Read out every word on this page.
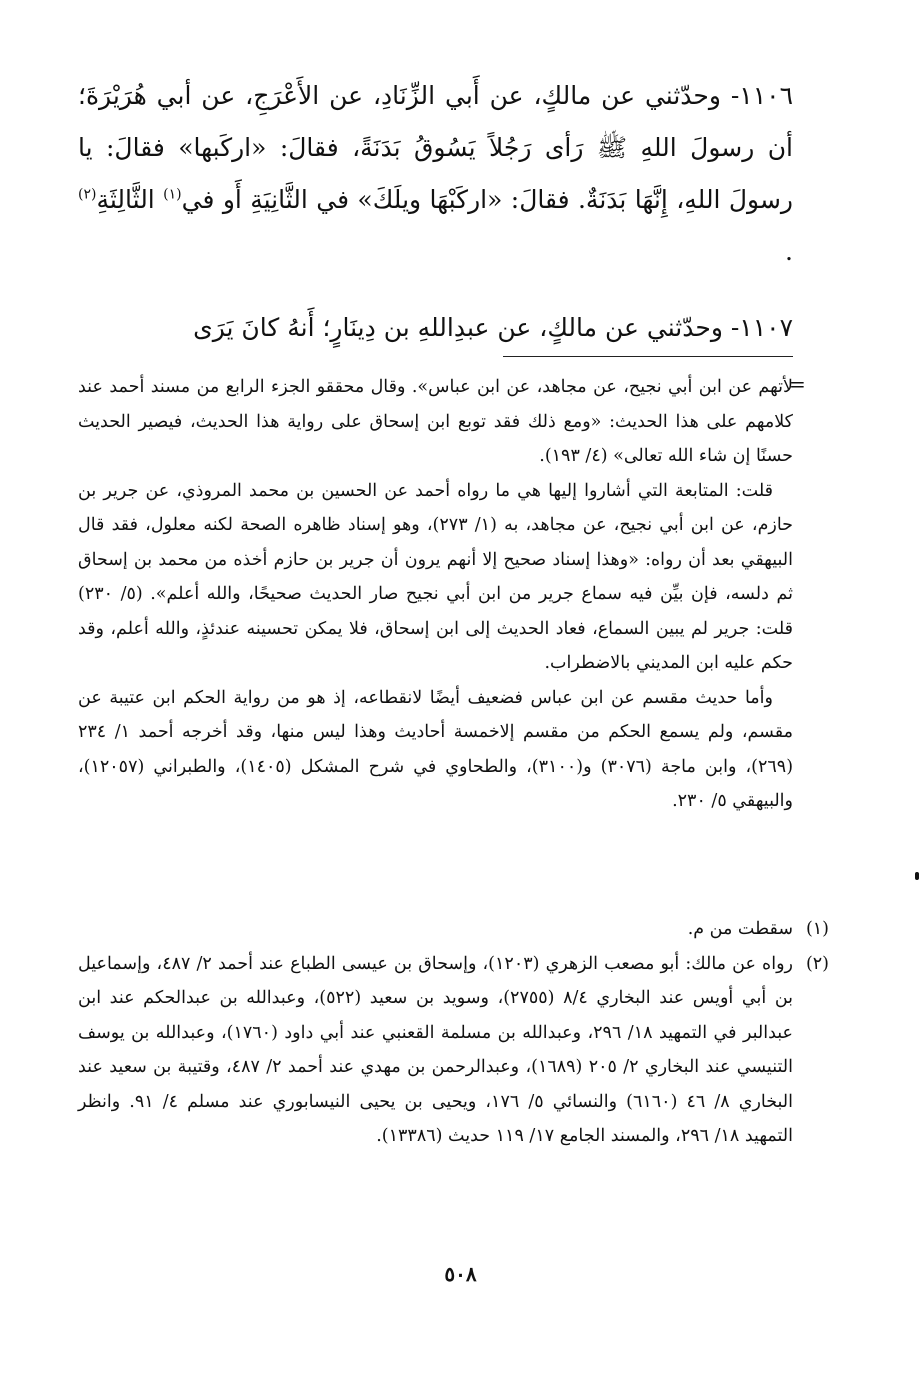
١١٠٦- وحدّثني عن مالكٍ، عن أَبي الزِّنَادِ، عن الأَعْرَجِ، عن أبي هُرَيْرَةَ؛ أن رسولَ اللهِ ﷺ رَأى رَجُلاً يَسُوقُ بَدَنَةً، فقالَ: «اركَبها» فقالَ: يا رسولَ اللهِ، إِنَّهَا بَدَنَةٌ. فقالَ: «اركَبْهَا ويلَكَ» في الثَّانِيَةِ أَو في$^{(١)}$ الثَّالِثَةِ$^{(٢)}$ .

١١٠٧- وحدّثني عن مالكٍ، عن عبدِاللهِ بن دِينَارٍ؛ أَنهُ كانَ يَرَى

=

لأتهم عن ابن أبي نجيح، عن مجاهد، عن ابن عباس». وقال محققو الجزء الرابع من مسند أحمد عند كلامهم على هذا الحديث: «ومع ذلك فقد توبع ابن إسحاق على رواية هذا الحديث، فيصير الحديث حسنًا إن شاء الله تعالى» (٤/ ١٩٣).

قلت: المتابعة التي أشاروا إليها هي ما رواه أحمد عن الحسين بن محمد المروذي، عن جرير بن حازم، عن ابن أبي نجيح، عن مجاهد، به (١/ ٢٧٣)، وهو إسناد ظاهره الصحة لكنه معلول، فقد قال البيهقي بعد أن رواه: «وهذا إسناد صحيح إلا أنهم يرون أن جرير بن حازم أخذه من محمد بن إسحاق ثم دلسه، فإن بيِّن فيه سماع جرير من ابن أبي نجيح صار الحديث صحيحًا، والله أعلم». (٥/ ٢٣٠) قلت: جرير لم يبين السماع، فعاد الحديث إلى ابن إسحاق، فلا يمكن تحسينه عندئذٍ، والله أعلم، وقد حكم عليه ابن المديني بالاضطراب.

وأما حديث مقسم عن ابن عباس فضعيف أيضًا لانقطاعه، إذ هو من رواية الحكم ابن عتيبة عن مقسم، ولم يسمع الحكم من مقسم إلاخمسة أحاديث وهذا ليس منها، وقد أخرجه أحمد ١/ ٢٣٤ (٢٦٩)، وابن ماجة (٣٠٧٦) و(٣١٠٠)، والطحاوي في شرح المشكل (١٤٠٥)، والطبراني (١٢٠٥٧)، والبيهقي ٥/ ٢٣٠.

(١)
سقطت من م.
(٢)
رواه عن مالك: أبو مصعب الزهري (١٢٠٣)، وإسحاق بن عيسى الطباع عند أحمد ٢/ ٤٨٧، وإسماعيل بن أبي أويس عند البخاري ٨/٤ (٢٧٥٥)، وسويد بن سعيد (٥٢٢)، وعبدالله بن عبدالحكم عند ابن عبدالبر في التمهيد ١٨/ ٢٩٦، وعبدالله بن مسلمة القعنبي عند أبي داود (١٧٦٠)، وعبدالله بن يوسف التنيسي عند البخاري ٢/ ٢٠٥ (١٦٨٩)، وعبدالرحمن بن مهدي عند أحمد ٢/ ٤٨٧، وقتيبة بن سعيد عند البخاري ٨/ ٤٦ (٦١٦٠) والنسائي ٥/ ١٧٦، ويحيى بن يحيى النيسابوري عند مسلم ٤/ ٩١. وانظر التمهيد ١٨/ ٢٩٦، والمسند الجامع ١٧/ ١١٩ حديث (١٣٣٨٦).
٥٠٨
